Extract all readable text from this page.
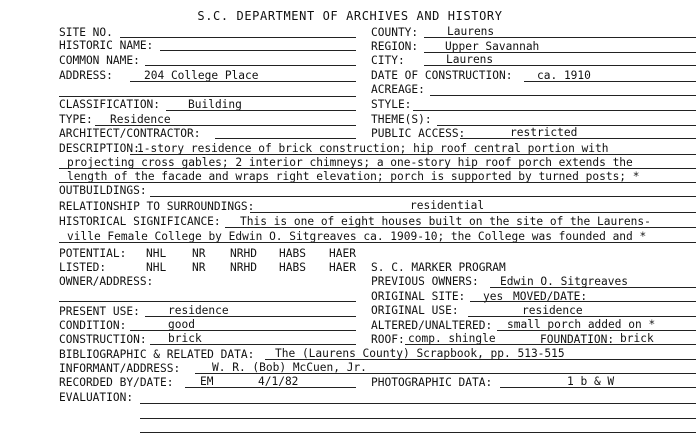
S.C. DEPARTMENT OF ARCHIVES AND HISTORY
SITE NO.
HISTORIC NAME:
COMMON NAME:
ADDRESS:	204 College Place
CLASSIFICATION: Building
TYPE: Residence
ARCHITECT/CONTRACTOR:
COUNTY:	Laurens
REGION: Upper Savannah
CITY:	Laurens
DATE OF CONSTRUCTION: ca. 1910
ACREAGE:
STYLE:
THEME(S):
PUBLIC ACCESS:	restricted
DESCRIPTION:
1-story residence of brick construction; hip roof central portion with
projecting cross gables; 2 interior chimneys; a one-story hip roof porch extends the
length of the facade and wraps right elevation; porch is supported by turned posts; *
OUTBUILDINGS:
RELATIONSHIP TO SURROUNDINGS:	residential
HISTORICAL SIGNIFICANCE: This is one of eight houses built on the site of the Laurens-
ville Female College by Edwin O. Sitgreaves ca. 1909-10; the College was founded and *
POTENTIAL: NHL NR NRHD HABS HAER
LISTED:	NHL NR NRHD HABS HAER
OWNER/ADDRESS:
S. C. MARKER PROGRAM
PREVIOUS OWNERS: Edwin O. Sitgreaves
ORIGINAL SITE: yes MOVED/DATE:
ORIGINAL USE:	residence
PRESENT USE:	residence
CONDITION:	good	ALTERED/UNALTERED: small porch added on *
CONSTRUCTION: brick	ROOF: comp. shingle	FOUNDATION: brick
BIBLIOGRAPHIC & RELATED DATA: The (Laurens County) Scrapbook, pp. 513-515
INFORMANT/ADDRESS:	W. R. (Bob) McCuen, Jr.
RECORDED BY/DATE: EM	4/1/82	PHOTOGRAPHIC DATA:	1 b & W
EVALUATION:
